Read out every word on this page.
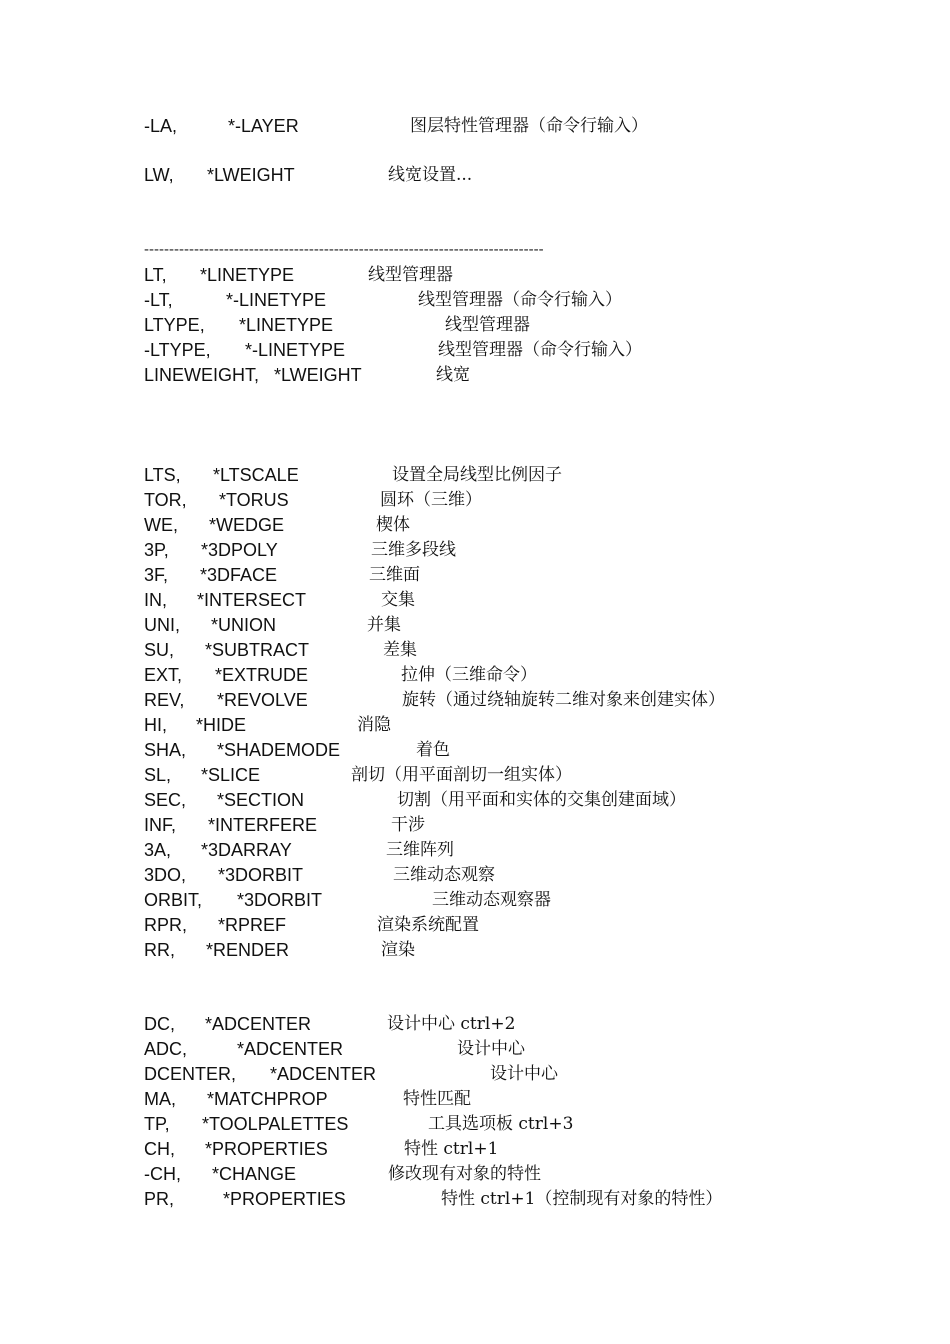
--------------------------------------------------------------------------------
-LA,	*-LAYER	图层特性管理器（命令行输入）
LW, *LWEIGHT	线宽设置...
LT, *LINETYPE	线型管理器
-LT,	*-LINETYPE	线型管理器（命令行输入）
LTYPE, *LINETYPE	线型管理器
-LTYPE, *-LINETYPE	线型管理器（命令行输入）
LINEWEIGHT, *LWEIGHT	线宽
LTS, *LTSCALE	设置全局线型比例因子
TOR, *TORUS	圆环（三维）
WE, *WEDGE	楔体
3P, *3DPOLY	三维多段线
3F, *3DFACE	三维面
IN, *INTERSECT	交集
UNI, *UNION	并集
SU, *SUBTRACT	差集
EXT, *EXTRUDE	拉伸（三维命令）
REV, *REVOLVE	旋转（通过绕轴旋转二维对象来创建实体）
HI, *HIDE	消隐
SHA, *SHADEMODE	着色
SL, *SLICE	剖切（用平面剖切一组实体）
SEC, *SECTION	切割（用平面和实体的交集创建面域）
INF, *INTERFERE	干涉
3A, *3DARRAY	三维阵列
3DO, *3DORBIT	三维动态观察
ORBIT, *3DORBIT	三维动态观察器
RPR, *RPREF	渲染系统配置
RR, *RENDER	渲染
DC, *ADCENTER	设计中心 ctrl+2
ADC,	*ADCENTER	设计中心
DCENTER, *ADCENTER	设计中心
MA, *MATCHPROP	特性匹配
TP, *TOOLPALETTES	工具选项板 ctrl+3
CH, *PROPERTIES	特性 ctrl+1
-CH, *CHANGE	修改现有对象的特性
PR,	*PROPERTIES	特性 ctrl+1（控制现有对象的特性）
